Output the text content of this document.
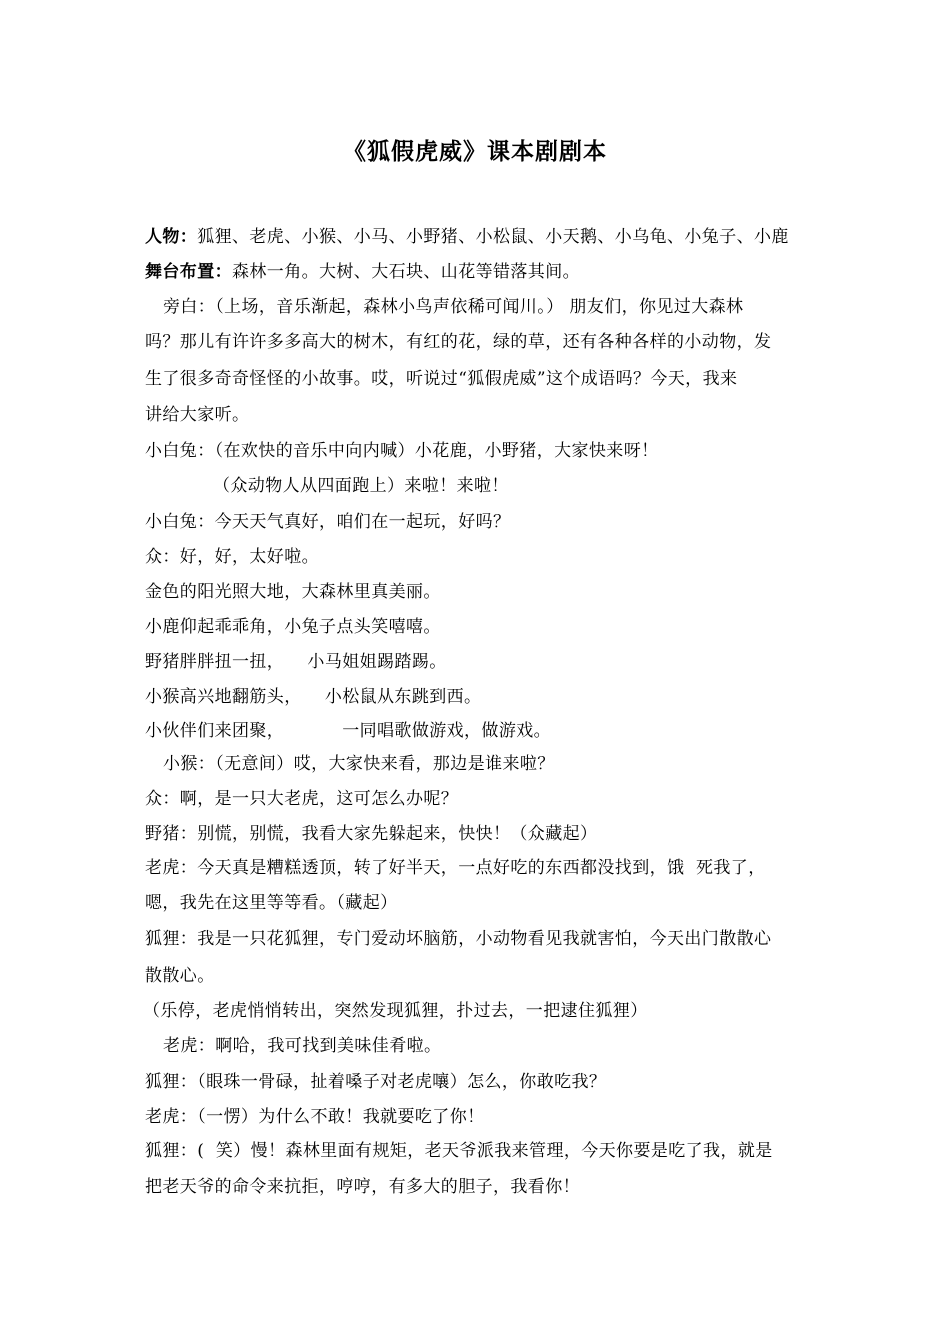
《狐假虎威》课本剧剧本
人物：狐狸、老虎、小猴、小马、小野猪、小松鼠、小天鹅、小乌龟、小兔子、小鹿
舞台布置：森林一角。大树、大石块、山花等错落其间。
旁白：（上场，音乐渐起，森林小鸟声依稀可闻川。） 朋友们，你见过大森林
吗？那儿有许许多多高大的树木，有红的花，绿的草，还有各种各样的小动物，发
生了很多奇奇怪怪的小故事。哎，听说过“狐假虎威”这个成语吗？今天，我来
讲给大家听。
小白兔：（在欢快的音乐中向内喊）小花鹿，小野猪，大家快来呀！
（众动物人从四面跑上）来啦！来啦！
小白兔：今天天气真好，咱们在一起玩，好吗？
众：好，好，太好啦。
金色的阳光照大地，大森林里真美丽。
小鹿仰起乖乖角，小兔子点头笑嘻嘻。
野猪胖胖扭一扭，    小马姐姐踢踏踢。
小猴高兴地翻筋头，    小松鼠从东跳到西。
小伙伴们来团聚，          一同唱歌做游戏，做游戏。
小猴：（无意间）哎，大家快来看，那边是谁来啦？
众：啊，是一只大老虎，这可怎么办呢？
野猪：别慌，别慌，我看大家先躲起来，快快！（众藏起）
老虎：今天真是糟糕透顶，转了好半天，一点好吃的东西都没找到，饿  死我了，
嗯，我先在这里等等看。（藏起）
狐狸：我是一只花狐狸，专门爱动坏脑筋，小动物看见我就害怕，今天出门散散心
散散心。
（乐停，老虎悄悄转出，突然发现狐狸，扑过去，一把逮住狐狸）
老虎：啊哈，我可找到美味佳肴啦。
狐狸：（眼珠一骨碌，扯着嗓子对老虎嚷）怎么，你敢吃我？
老虎：（一愣）为什么不敢！我就要吃了你！
狐狸：(  笑）慢！森林里面有规矩，老天爷派我来管理，今天你要是吃了我，就是
把老天爷的命令来抗拒，哼哼，有多大的胆子，我看你！
